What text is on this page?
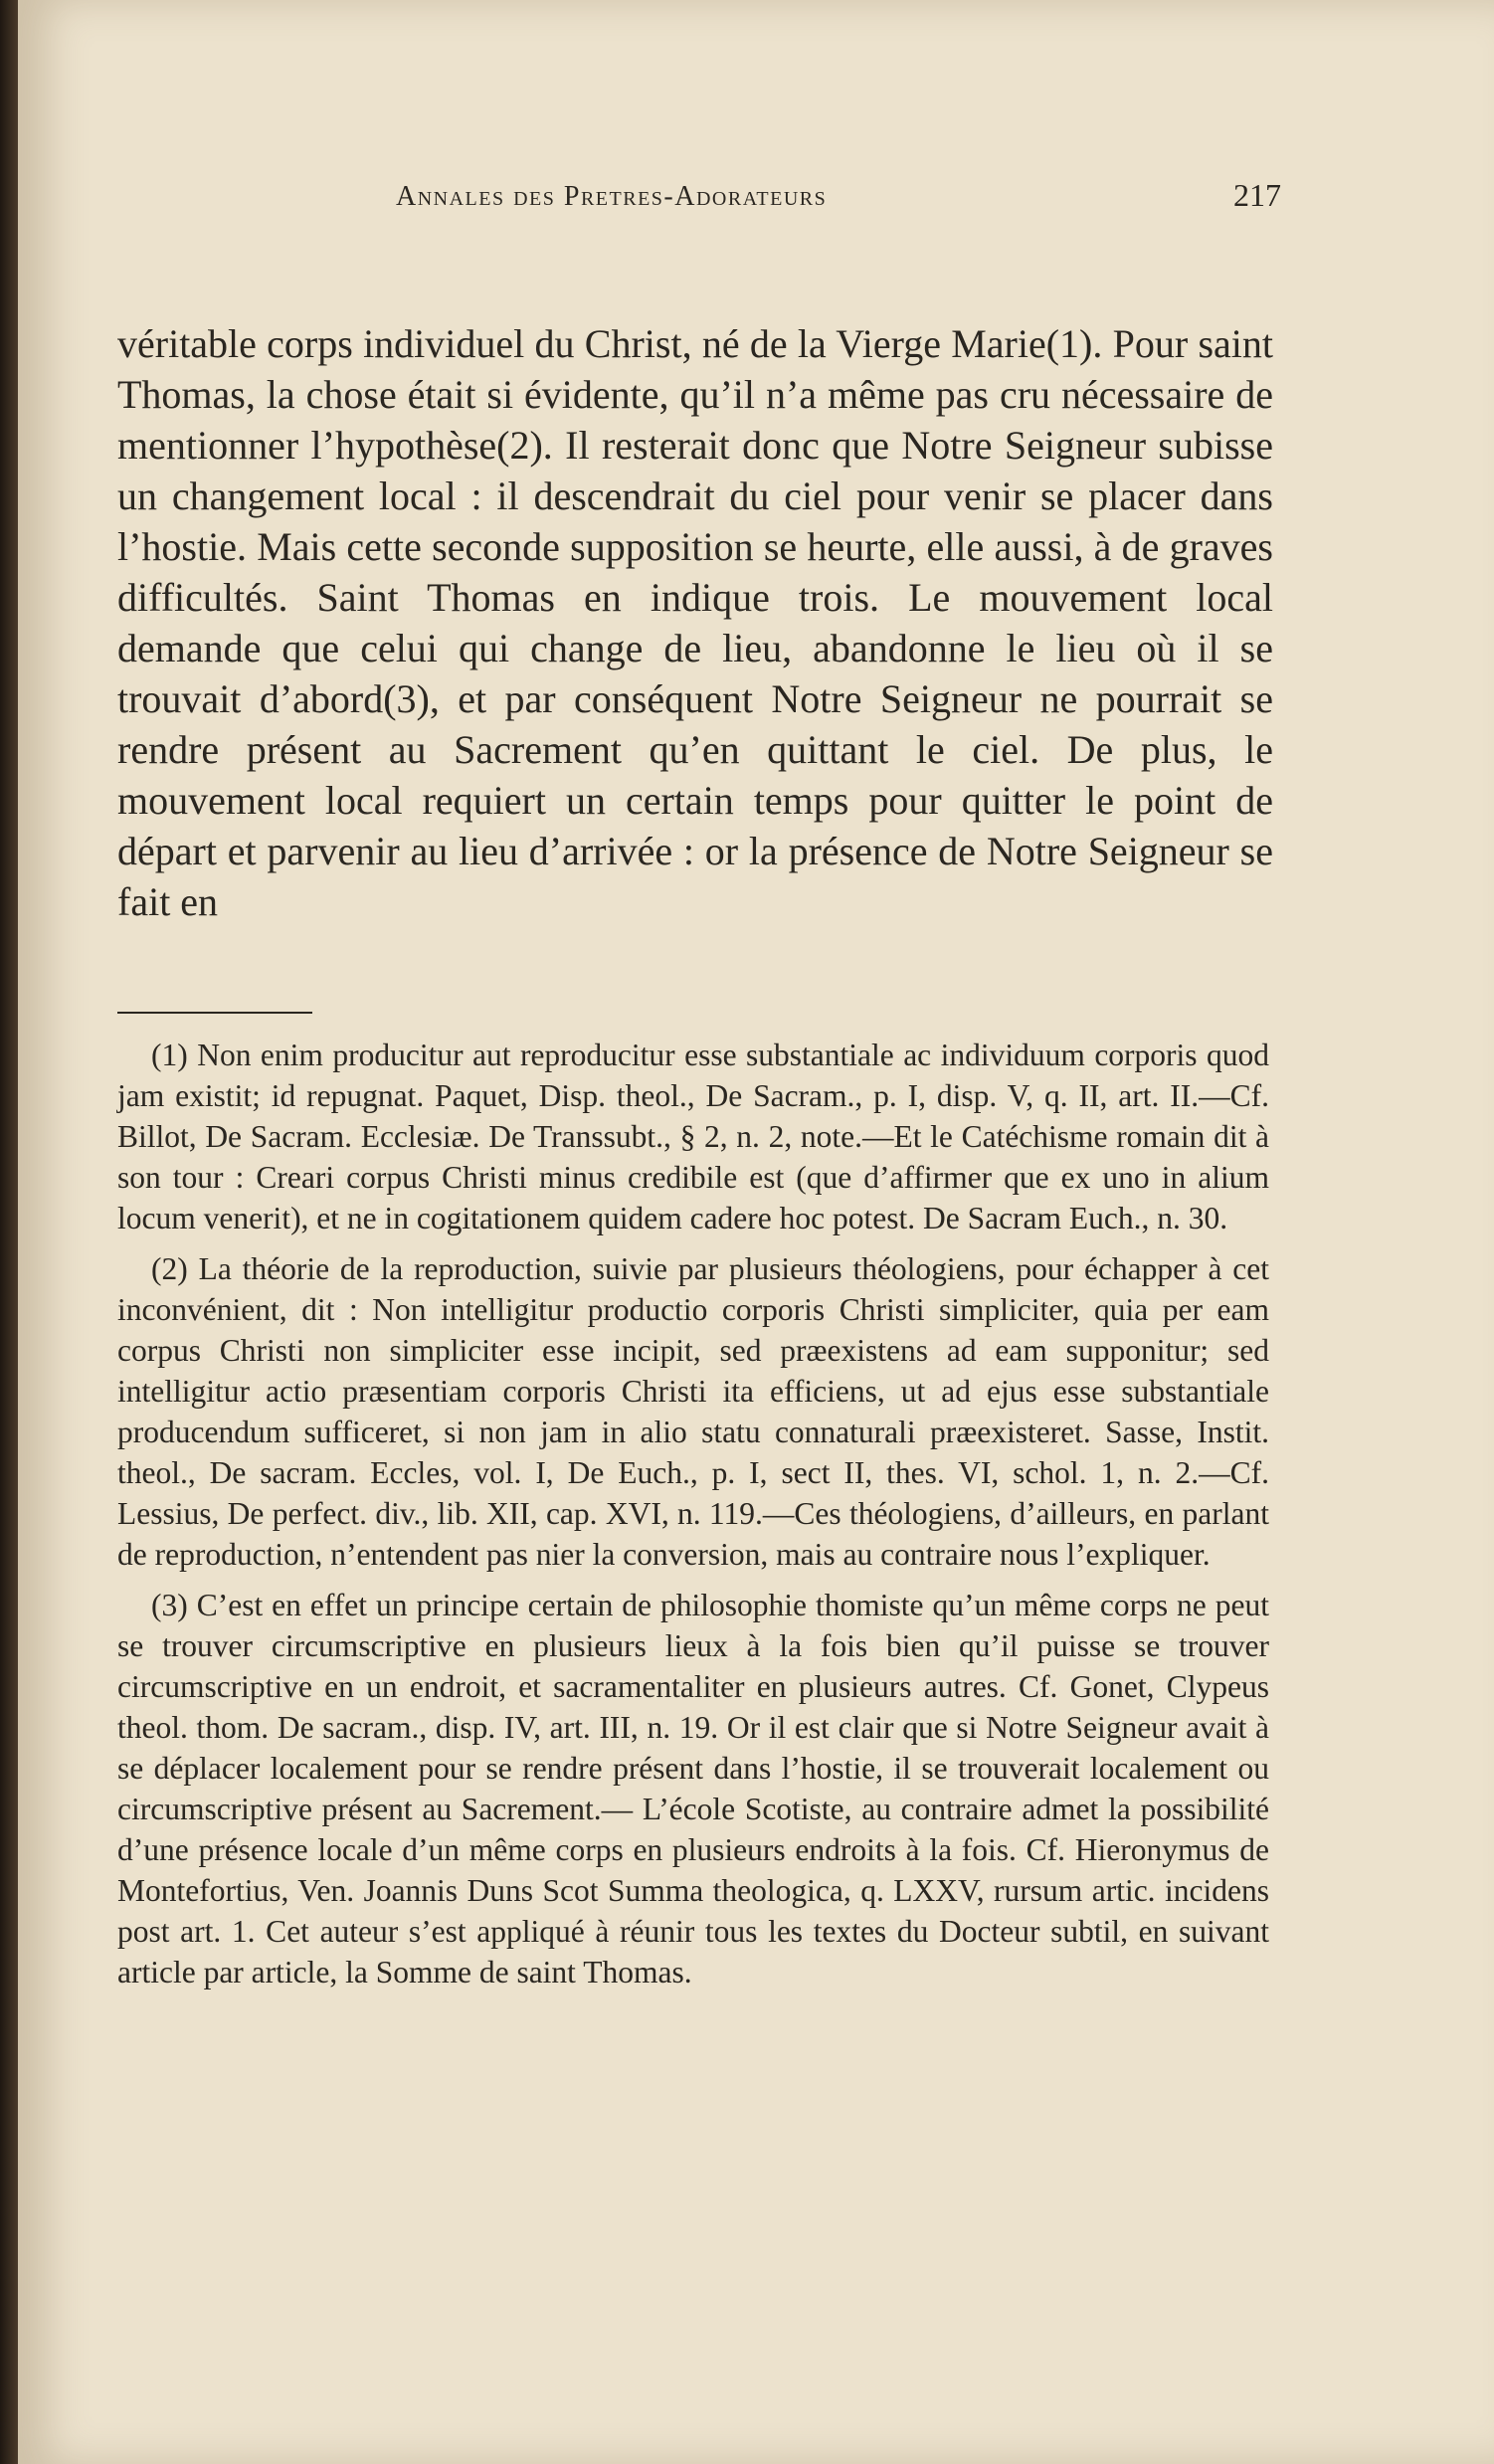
Annales des Pretres-Adorateurs	217

véritable corps individuel du Christ, né de la Vierge Marie(1). Pour saint Thomas, la chose était si évidente, qu’il n’a même pas cru nécessaire de mentionner l’hypothèse(2). Il resterait donc que Notre Seigneur subisse un changement local : il descendrait du ciel pour venir se placer dans l’hostie. Mais cette seconde supposition se heurte, elle aussi, à de graves difficultés. Saint Thomas en indique trois. Le mouvement local demande que celui qui change de lieu, abandonne le lieu où il se trouvait d’abord(3), et par conséquent Notre Seigneur ne pourrait se rendre présent au Sacrement qu’en quittant le ciel. De plus, le mouvement local requiert un certain temps pour quitter le point de départ et parvenir au lieu d’arrivée : or la présence de Notre Seigneur se fait en

(1) Non enim producitur aut reproducitur esse substantiale ac individuum corporis quod jam existit; id repugnat. Paquet, Disp. theol., De Sacram., p. I, disp. V, q. II, art. II.—Cf. Billot, De Sacram. Ecclesiæ. De Transsubt., § 2, n. 2, note.—Et le Catéchisme romain dit à son tour : Creari corpus Christi minus credibile est (que d’affirmer que ex uno in alium locum venerit), et ne in cogitationem quidem cadere hoc potest. De Sacram Euch., n. 30.

(2) La théorie de la reproduction, suivie par plusieurs théologiens, pour échapper à cet inconvénient, dit : Non intelligitur productio corporis Christi simpliciter, quia per eam corpus Christi non simpliciter esse incipit, sed præexistens ad eam supponitur; sed intelligitur actio præsentiam corporis Christi ita efficiens, ut ad ejus esse substantiale producendum sufficeret, si non jam in alio statu connaturali præexisteret. Sasse, Instit. theol., De sacram. Eccles, vol. I, De Euch., p. I, sect II, thes. VI, schol. 1, n. 2.—Cf. Lessius, De perfect. div., lib. XII, cap. XVI, n. 119.—Ces théologiens, d’ailleurs, en parlant de reproduction, n’entendent pas nier la conversion, mais au contraire nous l’expliquer.

(3) C’est en effet un principe certain de philosophie thomiste qu’un même corps ne peut se trouver circumscriptive en plusieurs lieux à la fois bien qu’il puisse se trouver circumscriptive en un endroit, et sacramentaliter en plusieurs autres. Cf. Gonet, Clypeus theol. thom. De sacram., disp. IV, art. III, n. 19. Or il est clair que si Notre Seigneur avait à se déplacer localement pour se rendre présent dans l’hostie, il se trouverait localement ou circumscriptive présent au Sacrement.— L’école Scotiste, au contraire admet la possibilité d’une présence locale d’un même corps en plusieurs endroits à la fois. Cf. Hieronymus de Montefortius, Ven. Joannis Duns Scot Summa theologica, q. LXXV, rursum artic. incidens post art. 1. Cet auteur s’est appliqué à réunir tous les textes du Docteur subtil, en suivant article par article, la Somme de saint Thomas.
